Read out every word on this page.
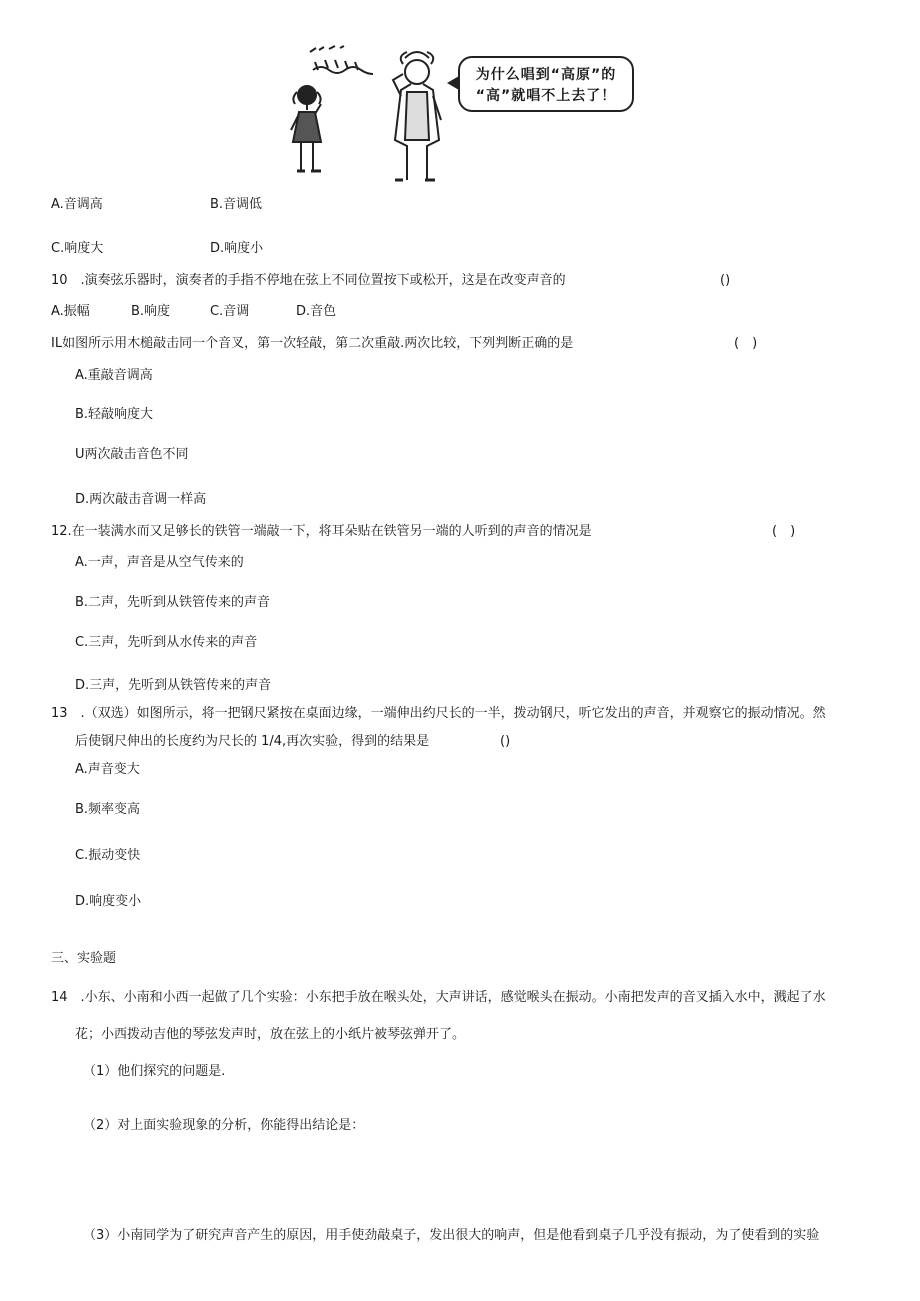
为什么唱到“高原”的
“高”就唱不上去了！
A.音调高	B.音调低
C.响度大	D.响度小
10　.演奏弦乐器时，演奏者的手指不停地在弦上不同位置按下或松开，这是在改变声音的	()
A.振幅	B.响度	C.音调	D.音色
IL如图所示用木槌敲击同一个音叉，第一次轻敲，第二次重敲.两次比较，下列判断正确的是	(　)
A.重敲音调高
B.轻敲响度大
U两次敲击音色不同
D.两次敲击音调一样高
12.在一装满水而又足够长的铁管一端敲一下，将耳朵贴在铁管另一端的人听到的声音的情况是	(　)
A.一声，声音是从空气传来的
B.二声，先听到从铁管传来的声音
C.三声，先听到从水传来的声音
D.三声，先听到从铁管传来的声音
13　.（双选）如图所示，将一把钢尺紧按在桌面边缘，一端伸出约尺长的一半，拨动钢尺，听它发出的声音，并观察它的振动情况。然
后使钢尺伸出的长度约为尺长的 1/4,再次实验，得到的结果是	()
A.声音变大
B.频率变高
C.振动变快
D.响度变小
三、实验题
14　.小东、小南和小西一起做了几个实验：小东把手放在喉头处，大声讲话，感觉喉头在振动。小南把发声的音叉插入水中，溅起了水
花；小西拨动吉他的琴弦发声时，放在弦上的小纸片被琴弦弹开了。
（1）他们探究的问题是.
（2）对上面实验现象的分析，你能得出结论是：
（3）小南同学为了研究声音产生的原因，用手使劲敲桌子，发出很大的响声，但是他看到桌子几乎没有振动，为了使看到的实验
